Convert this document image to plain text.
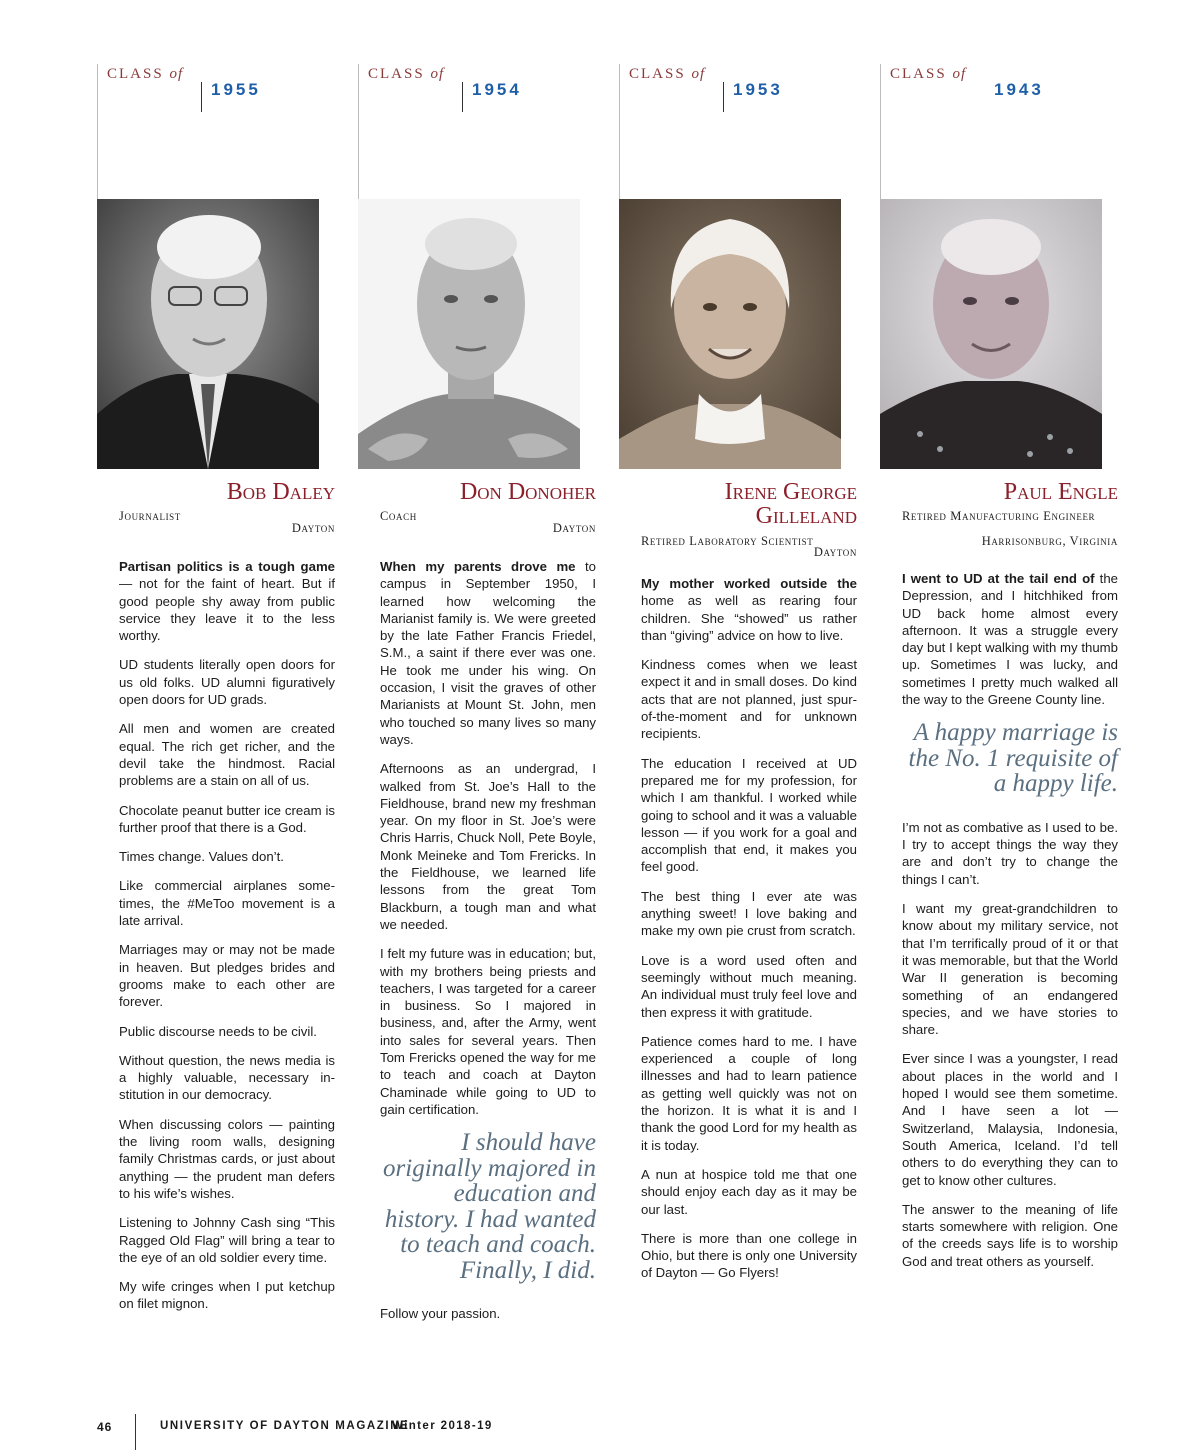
CLASS of
1955
Bob Daley
Journalist
Dayton

Partisan politics is a tough game — not for the faint of heart. But if good people shy away from public service they leave it to the less worthy.

UD students literally open doors for us old folks. UD alumni figuratively open doors for UD grads.

All men and women are created equal. The rich get richer, and the devil take the hindmost. Racial problems are a stain on all of us.

Chocolate peanut butter ice cream is further proof that there is a God.

Times change. Values don’t.

Like commercial airplanes some-times, the #MeToo movement is a late arrival.

Marriages may or may not be made in heaven. But pledges brides and grooms make to each other are forever.

Public discourse needs to be civil.

Without question, the news media is a highly valuable, necessary in-stitution in our democracy.

When discussing colors — painting the living room walls, designing family Christmas cards, or just about anything — the prudent man defers to his wife’s wishes.

Listening to Johnny Cash sing “This Ragged Old Flag” will bring a tear to the eye of an old soldier every time.

My wife cringes when I put ketchup on filet mignon.

CLASS of
1954
Don Donoher
Coach
Dayton

When my parents drove me to campus in September 1950, I learned how welcoming the Marianist family is. We were greeted by the late Father Francis Friedel, S.M., a saint if there ever was one. He took me under his wing. On occasion, I visit the graves of other Marianists at Mount St. John, men who touched so many lives so many ways.

Afternoons as an undergrad, I walked from St. Joe’s Hall to the Fieldhouse, brand new my freshman year. On my floor in St. Joe’s were Chris Harris, Chuck Noll, Pete Boyle, Monk Meineke and Tom Frericks. In the Fieldhouse, we learned life lessons from the great Tom Blackburn, a tough man and what we needed.

I felt my future was in education; but, with my brothers being priests and teachers, I was targeted for a career in business. So I majored in business, and, after the Army, went into sales for several years. Then Tom Frericks opened the way for me to teach and coach at Dayton Chaminade while going to UD to gain certification.

I should have originally majored in education and history. I had wanted to teach and coach. Finally, I did.

Follow your passion.

CLASS of
1953
Irene George Gilleland
Retired Laboratory Scientist
Dayton

My mother worked outside the home as well as rearing four children. She “showed” us rather than “giving” advice on how to live.

Kindness comes when we least expect it and in small doses. Do kind acts that are not planned, just spur-of-the-moment and for unknown recipients.

The education I received at UD prepared me for my profession, for which I am thankful. I worked while going to school and it was a valuable lesson — if you work for a goal and accomplish that end, it makes you feel good.

The best thing I ever ate was anything sweet! I love baking and make my own pie crust from scratch.

Love is a word used often and seemingly without much meaning. An individual must truly feel love and then express it with gratitude.

Patience comes hard to me. I have experienced a couple of long illnesses and had to learn patience as getting well quickly was not on the horizon. It is what it is and I thank the good Lord for my health as it is today.

A nun at hospice told me that one should enjoy each day as it may be our last.

There is more than one college in Ohio, but there is only one University of Dayton — Go Flyers!

CLASS of
1943
Paul Engle
Retired Manufacturing Engineer
Harrisonburg, Virginia

I went to UD at the tail end of the Depression, and I hitchhiked from UD back home almost every afternoon. It was a struggle every day but I kept walking with my thumb up. Sometimes I was lucky, and sometimes I pretty much walked all the way to the Greene County line.

A happy marriage is the No. 1 requisite of a happy life.

I’m not as combative as I used to be. I try to accept things the way they are and don’t try to change the things I can’t.

I want my great-grandchildren to know about my military service, not that I’m terrifically proud of it or that it was memorable, but that the World War II generation is becoming something of an endangered species, and we have stories to share.

Ever since I was a youngster, I read about places in the world and I hoped I would see them sometime. And I have seen a lot — Switzerland, Malaysia, Indonesia, South America, Iceland. I’d tell others to do everything they can to get to know other cultures.

The answer to the meaning of life starts somewhere with religion. One of the creeds says life is to worship God and treat others as yourself.

46	UNIVERSITY OF DAYTON MAGAZINE
Winter 2018-19
